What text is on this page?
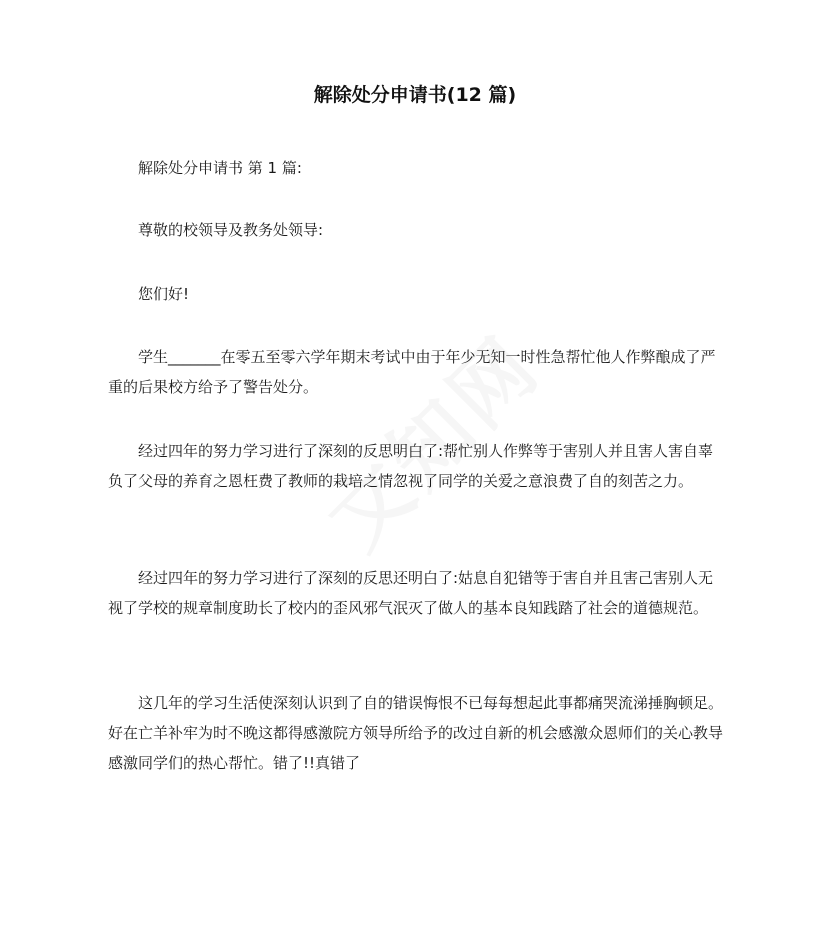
解除处分申请书(12 篇)

解除处分申请书 第 1 篇:

尊敬的校领导及教务处领导:

您们好!

学生_______在零五至零六学年期末考试中由于年少无知一时性急帮忙他人作弊酿成了严重的后果校方给予了警告处分。

经过四年的努力学习进行了深刻的反思明白了:帮忙别人作弊等于害别人并且害人害自辜负了父母的养育之恩枉费了教师的栽培之情忽视了同学的关爱之意浪费了自的刻苦之力。

经过四年的努力学习进行了深刻的反思还明白了:姑息自犯错等于害自并且害己害别人无视了学校的规章制度助长了校内的歪风邪气泯灭了做人的基本良知践踏了社会的道德规范。

这几年的学习生活使深刻认识到了自的错误悔恨不已每每想起此事都痛哭流涕捶胸顿足。好在亡羊补牢为时不晚这都得感激院方领导所给予的改过自新的机会感激众恩师们的关心教导感激同学们的热心帮忙。错了!!真错了
